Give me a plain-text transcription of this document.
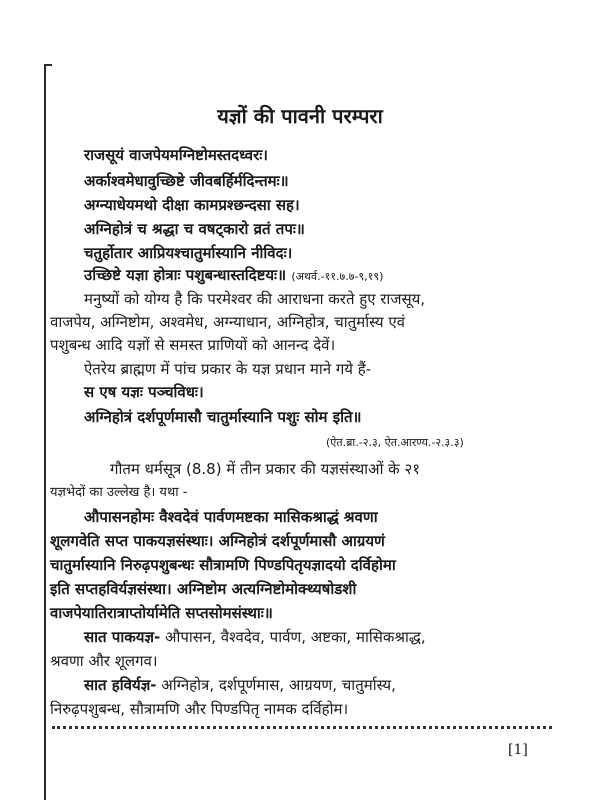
यज्ञों की पावनी परम्परा
राजसूयं वाजपेयमग्निष्टोमस्तदध्वरः।
अर्काश्वमेधावुच्छिष्टे जीवबर्हिर्मदिन्तमः॥
अग्न्याधेयमथो दीक्षा कामप्रश्छन्दसा सह।
अग्निहोत्रं च श्रद्धा च वषट्कारो व्रतं तपः॥
चतुर्होतार आप्रियश्चातुर्मास्यानि नीविदः।
उच्छिष्टे यज्ञा होत्राः पशुबन्धास्तदिष्टयः॥ (अथर्व.-११.७.७-९,१९)
मनुष्यों को योग्य है कि परमेश्वर की आराधना करते हुए राजसूय,
वाजपेय, अग्निष्टोम, अश्वमेध, अग्न्याधान, अग्निहोत्र, चातुर्मास्य एवं
पशुबन्ध आदि यज्ञों से समस्त प्राणियों को आनन्द देवें।
ऐतरेय ब्राह्मण में पांच प्रकार के यज्ञ प्रधान माने गये हैं-
स एष यज्ञः पञ्चविधः।
अग्निहोत्रं दर्शपूर्णमासौ चातुर्मास्यानि पशुः सोम इति॥
(ऐत.ब्रा.-२.३, ऐत.आरण्य.-२.३.३)
गौतम धर्मसूत्र (8.8) में तीन प्रकार की यज्ञसंस्थाओं के २१
यज्ञभेदों का उल्लेख है। यथा -
औपासनहोमः वैश्वदेवं पार्वणमष्टका मासिकश्राद्धं श्रवणा
शूलगवेति सप्त पाकयज्ञसंस्थाः। अग्निहोत्रं दर्शपूर्णमासौ आग्रयणं
चातुर्मास्यानि निरुढ़पशुबन्धः सौत्रामणि पिण्डपितृयज्ञादयो दर्विहोमा
इति सप्तहविर्यज्ञसंस्था। अग्निष्टोम अत्यग्निष्टोमोक्थ्यषोडशी
वाजपेयातिरात्राप्तोर्यामेति सप्तसोमसंस्थाः॥
सात पाकयज्ञ- औपासन, वैश्वदेव, पार्वण, अष्टका, मासिकश्राद्ध,
श्रवणा और शूलगव।
सात हविर्यज्ञ- अग्निहोत्र, दर्शपूर्णमास, आग्रयण, चातुर्मास्य,
निरुढ़पशुबन्ध, सौत्रामणि और पिण्डपितृ नामक दर्विहोम।
[1]
